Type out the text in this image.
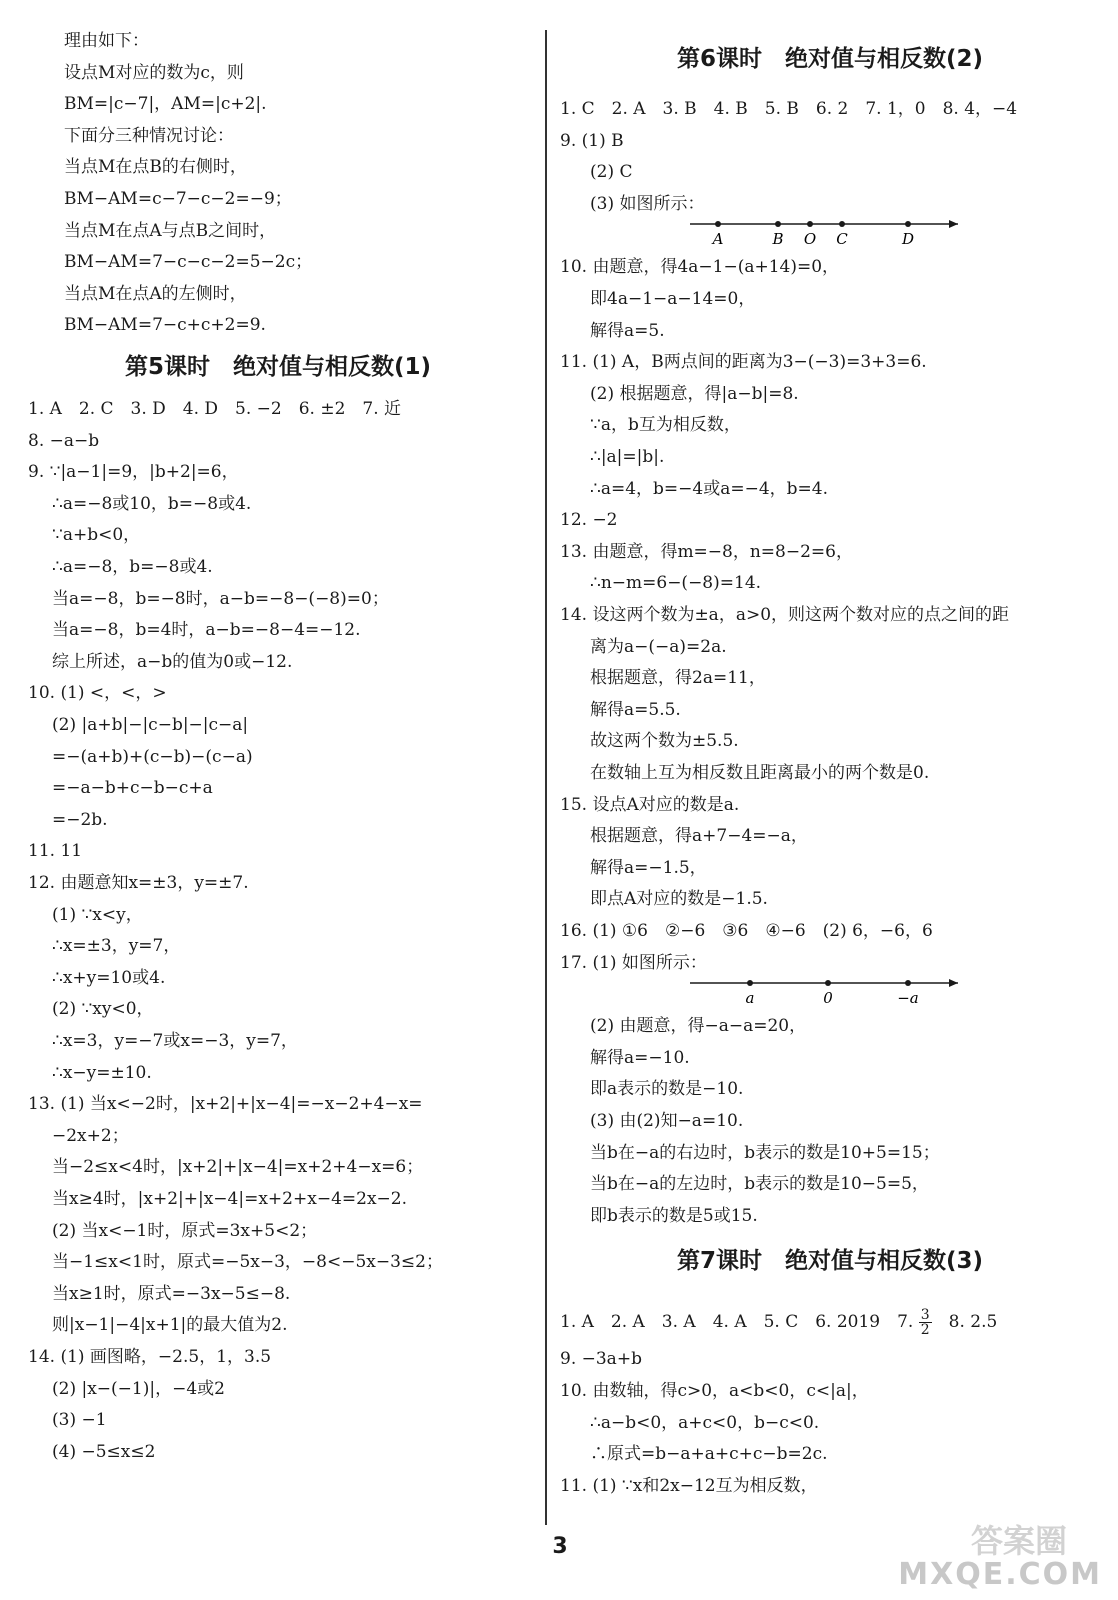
理由如下：
设点M对应的数为c，则
BM=|c−7|，AM=|c+2|.
下面分三种情况讨论：
当点M在点B的右侧时，
BM−AM=c−7−c−2=−9；
当点M在点A与点B之间时，
BM−AM=7−c−c−2=5−2c；
当点M在点A的左侧时，
BM−AM=7−c+c+2=9.
第5课时　绝对值与相反数(1)
1. A　2. C　3. D　4. D　5. −2　6. ±2　7. 近
8. −a−b
9. ∵|a−1|=9，|b+2|=6，
∴a=−8或10，b=−8或4.
∵a+b<0，
∴a=−8，b=−8或4.
当a=−8，b=−8时，a−b=−8−(−8)=0；
当a=−8，b=4时，a−b=−8−4=−12.
综上所述，a−b的值为0或−12.
10. (1) <，<，>
(2) |a+b|−|c−b|−|c−a|
=−(a+b)+(c−b)−(c−a)
=−a−b+c−b−c+a
=−2b.
11. 11
12. 由题意知x=±3，y=±7.
(1) ∵x<y，
∴x=±3，y=7，
∴x+y=10或4.
(2) ∵xy<0，
∴x=3，y=−7或x=−3，y=7，
∴x−y=±10.
13. (1) 当x<−2时，|x+2|+|x−4|=−x−2+4−x=
−2x+2；
当−2≤x<4时，|x+2|+|x−4|=x+2+4−x=6；
当x≥4时，|x+2|+|x−4|=x+2+x−4=2x−2.
(2) 当x<−1时，原式=3x+5<2；
当−1≤x<1时，原式=−5x−3，−8<−5x−3≤2；
当x≥1时，原式=−3x−5≤−8.
则|x−1|−4|x+1|的最大值为2.
14. (1) 画图略，−2.5，1，3.5
(2) |x−(−1)|，−4或2
(3) −1
(4) −5≤x≤2
第6课时　绝对值与相反数(2)
1. C　2. A　3. B　4. B　5. B　6. 2　7. 1，0　8. 4，−4
9. (1) B
(2) C
(3) 如图所示：
A	B O C	D
10. 由题意，得4a−1−(a+14)=0，
即4a−1−a−14=0，
解得a=5.
11. (1) A，B两点间的距离为3−(−3)=3+3=6.
(2) 根据题意，得|a−b|=8.
∵a，b互为相反数，
∴|a|=|b|.
∴a=4，b=−4或a=−4，b=4.
12. −2
13. 由题意，得m=−8，n=8−2=6，
∴n−m=6−(−8)=14.
14. 设这两个数为±a，a>0，则这两个数对应的点之间的距
离为a−(−a)=2a.
根据题意，得2a=11，
解得a=5.5.
故这两个数为±5.5.
在数轴上互为相反数且距离最小的两个数是0.
15. 设点A对应的数是a.
根据题意，得a+7−4=−a，
解得a=−1.5，
即点A对应的数是−1.5.
16. (1) ①6　②−6　③6　④−6　(2) 6，−6，6
17. (1) 如图所示：
a	0	−a
(2) 由题意，得−a−a=20，
解得a=−10.
即a表示的数是−10.
(3) 由(2)知−a=10.
当b在−a的右边时，b表示的数是10+5=15；
当b在−a的左边时，b表示的数是10−5=5，
即b表示的数是5或15.
第7课时　绝对值与相反数(3)
1. A　2. A　3. A　4. A　5. C　6. 2019　7. $\frac{3}{2}$ 　8. 2.5
9. −3a+b
10. 由数轴，得c>0，a<b<0，c<|a|，
∴a−b<0，a+c<0，b−c<0.
∴原式=b−a+a+c+c−b=2c.
11. (1) ∵x和2x−12互为相反数，
3	答案圈
MXQE.COM
